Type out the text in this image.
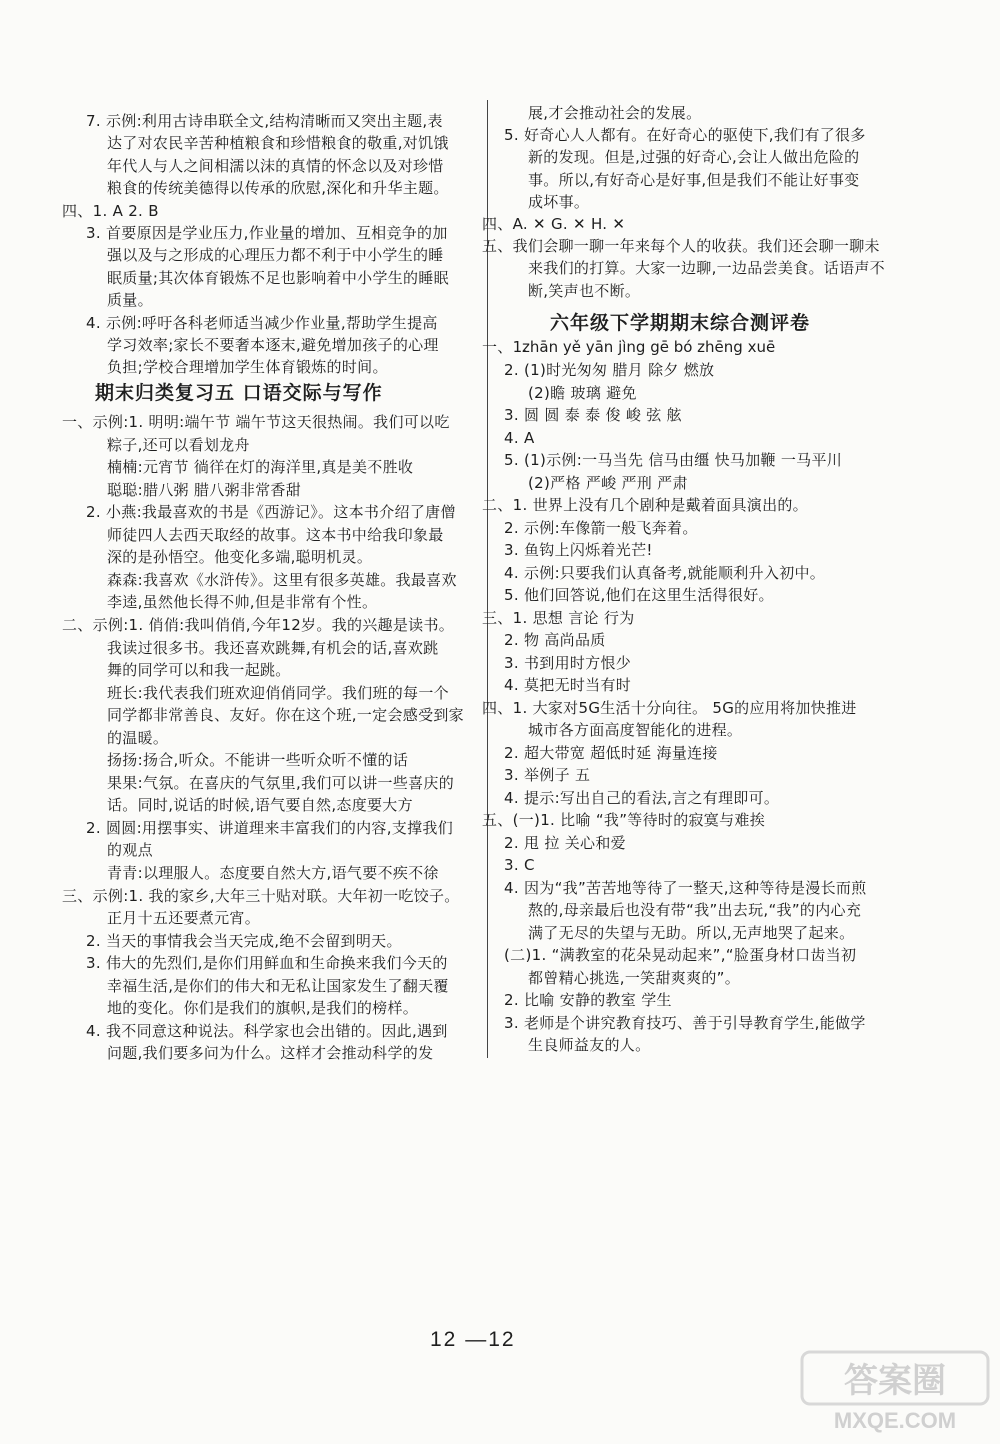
7. 示例:利用古诗串联全文,结构清晰而又突出主题,表
达了对农民辛苦种植粮食和珍惜粮食的敬重,对饥饿
年代人与人之间相濡以沫的真情的怀念以及对珍惜
粮食的传统美德得以传承的欣慰,深化和升华主题。
四、1. A 2. B
3. 首要原因是学业压力,作业量的增加、互相竞争的加
强以及与之形成的心理压力都不利于中小学生的睡
眠质量;其次体育锻炼不足也影响着中小学生的睡眠
质量。
4. 示例:呼吁各科老师适当减少作业量,帮助学生提高
学习效率;家长不要奢本逐末,避免增加孩子的心理
负担;学校合理增加学生体育锻炼的时间。
期末归类复习五 口语交际与写作
一、示例:1. 明明:端午节 端午节这天很热闹。我们可以吃
粽子,还可以看划龙舟
楠楠:元宵节 徜徉在灯的海洋里,真是美不胜收
聪聪:腊八粥 腊八粥非常香甜
2. 小燕:我最喜欢的书是《西游记》。这本书介绍了唐僧
师徒四人去西天取经的故事。这本书中给我印象最
深的是孙悟空。他变化多端,聪明机灵。
森森:我喜欢《水浒传》。这里有很多英雄。我最喜欢
李逵,虽然他长得不帅,但是非常有个性。
二、示例:1. 俏俏:我叫俏俏,今年12岁。我的兴趣是读书。
我读过很多书。我还喜欢跳舞,有机会的话,喜欢跳
舞的同学可以和我一起跳。
班长:我代表我们班欢迎俏俏同学。我们班的每一个
同学都非常善良、友好。你在这个班,一定会感受到家
的温暖。
扬扬:扬合,听众。不能讲一些听众听不懂的话
果果:气氛。在喜庆的气氛里,我们可以讲一些喜庆的
话。同时,说话的时候,语气要自然,态度要大方
2. 圆圆:用摆事实、讲道理来丰富我们的内容,支撑我们
的观点
青青:以理服人。态度要自然大方,语气要不疾不徐
三、示例:1. 我的家乡,大年三十贴对联。大年初一吃饺子。
正月十五还要煮元宵。
2. 当天的事情我会当天完成,绝不会留到明天。
3. 伟大的先烈们,是你们用鲜血和生命换来我们今天的
幸福生活,是你们的伟大和无私让国家发生了翻天覆
地的变化。你们是我们的旗帜,是我们的榜样。
4. 我不同意这种说法。科学家也会出错的。因此,遇到
问题,我们要多问为什么。这样才会推动科学的发
展,才会推动社会的发展。
5. 好奇心人人都有。在好奇心的驱使下,我们有了很多
新的发现。但是,过强的好奇心,会让人做出危险的
事。所以,有好奇心是好事,但是我们不能让好事变
成坏事。
四、A. ✕ G. ✕ H. ✕
五、我们会聊一聊一年来每个人的收获。我们还会聊一聊未
来我们的打算。大家一边聊,一边品尝美食。话语声不
断,笑声也不断。
六年级下学期期末综合测评卷
一、1.
zhān yě yān jìng gē bó zhēng xuē
2. (1)时光匆匆 腊月 除夕 燃放
(2)瞻 玻璃 避免
3. 圆 圆 泰 泰 俊 峻 弦 舷
4. A
5. (1)示例:一马当先 信马由缰 快马加鞭 一马平川
(2)严格 严峻 严刑 严肃
二、1. 世界上没有几个剧种是戴着面具演出的。
2. 示例:车像箭一般飞奔着。
3. 鱼钩上闪烁着光芒!
4. 示例:只要我们认真备考,就能顺利升入初中。
5. 他们回答说,他们在这里生活得很好。
三、1. 思想 言论 行为
2. 物 高尚品质
3. 书到用时方恨少
4. 莫把无时当有时
四、1. 大家对5G生活十分向往。 5G的应用将加快推进
城市各方面高度智能化的进程。
2. 超大带宽 超低时延 海量连接
3. 举例子 五
4. 提示:写出自己的看法,言之有理即可。
五、(一)1. 比喻 “我”等待时的寂寞与难挨
2. 甩 拉 关心和爱
3. C
4. 因为“我”苦苦地等待了一整天,这种等待是漫长而煎
熬的,母亲最后也没有带“我”出去玩,“我”的内心充
满了无尽的失望与无助。所以,无声地哭了起来。
(二)1. “满教室的花朵晃动起来”,“脸蛋身材口齿当初
都曾精心挑选,一笑甜爽爽的”。
2. 比喻 安静的教室 学生
3. 老师是个讲究教育技巧、善于引导教育学生,能做学
生良师益友的人。
12 —12
答案圈
MXQE.COM
